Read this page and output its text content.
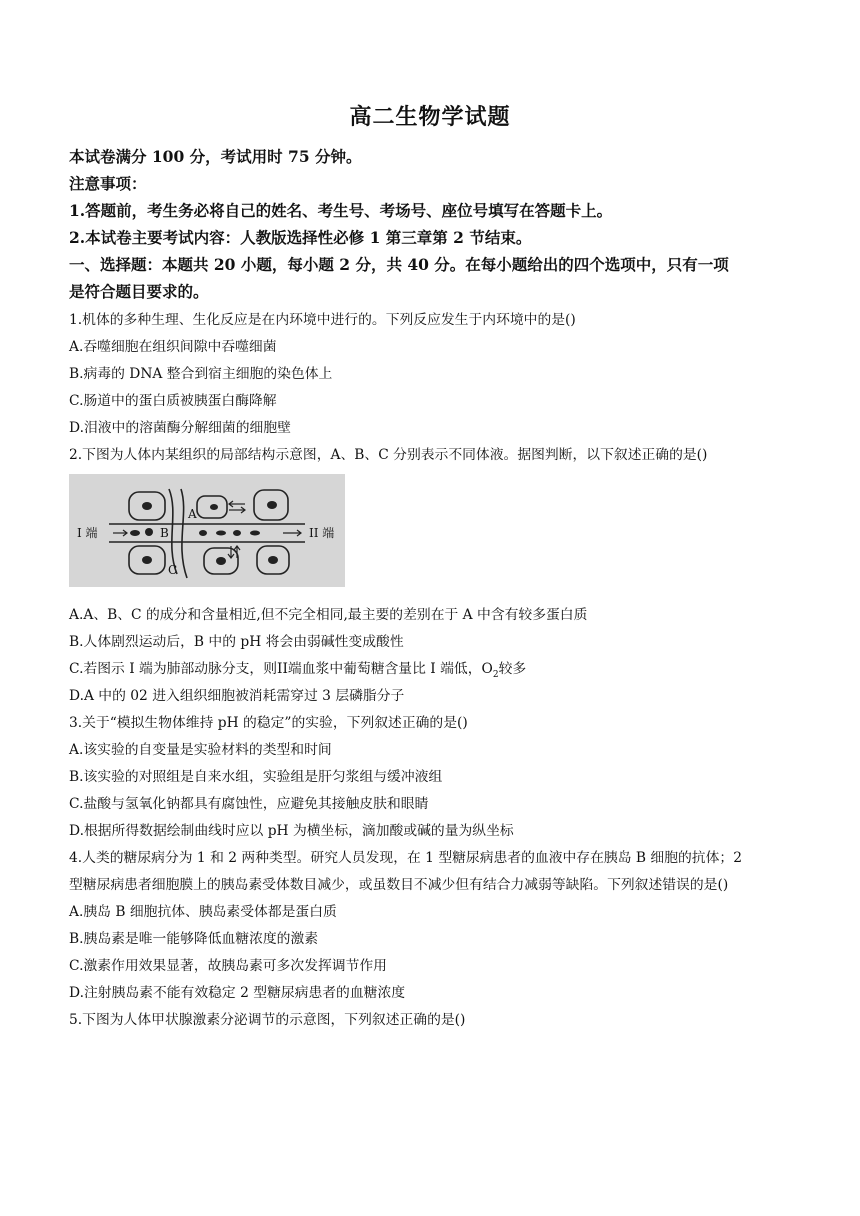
高二生物学试题
本试卷满分 100 分，考试用时 75 分钟。
注意事项：
1.答题前，考生务必将自己的姓名、考生号、考场号、座位号填写在答题卡上。
2.本试卷主要考试内容：人教版选择性必修 1 第三章第 2 节结束。
一、选择题：本题共 20 小题，每小题 2 分，共 40 分。在每小题给出的四个选项中，只有一项
是符合题目要求的。
1.机体的多种生理、生化反应是在内环境中进行的。下列反应发生于内环境中的是()
A.吞噬细胞在组织间隙中吞噬细菌
B.病毒的 DNA 整合到宿主细胞的染色体上
C.肠道中的蛋白质被胰蛋白酶降解
D.泪液中的溶菌酶分解细菌的细胞壁
2.下图为人体内某组织的局部结构示意图，A、B、C 分别表示不同体液。据图判断，以下叙述正确的是()
I 端	II 端
A
B
C
A.A、B、C 的成分和含量相近,但不完全相同,最主要的差别在于 A 中含有较多蛋白质
B.人体剧烈运动后，B 中的 pH 将会由弱碱性变成酸性
C.若图示 I 端为肺部动脉分支，则II端血浆中葡萄糖含量比 I 端低，$O_2$较多
D.A 中的 02 进入组织细胞被消耗需穿过 3 层磷脂分子
3.关于“模拟生物体维持 pH 的稳定”的实验，下列叙述正确的是()
A.该实验的自变量是实验材料的类型和时间
B.该实验的对照组是自来水组，实验组是肝匀浆组与缓冲液组
C.盐酸与氢氧化钠都具有腐蚀性，应避免其接触皮肤和眼睛
D.根据所得数据绘制曲线时应以 pH 为横坐标，滴加酸或碱的量为纵坐标
4.人类的糖尿病分为 1 和 2 两种类型。研究人员发现，在 1 型糖尿病患者的血液中存在胰岛 B 细胞的抗体；2
型糖尿病患者细胞膜上的胰岛素受体数目减少，或虽数目不减少但有结合力减弱等缺陷。下列叙述错误的是()
A.胰岛 B 细胞抗体、胰岛素受体都是蛋白质
B.胰岛素是唯一能够降低血糖浓度的激素
C.激素作用效果显著，故胰岛素可多次发挥调节作用
D.注射胰岛素不能有效稳定 2 型糖尿病患者的血糖浓度
5.下图为人体甲状腺激素分泌调节的示意图，下列叙述正确的是()
